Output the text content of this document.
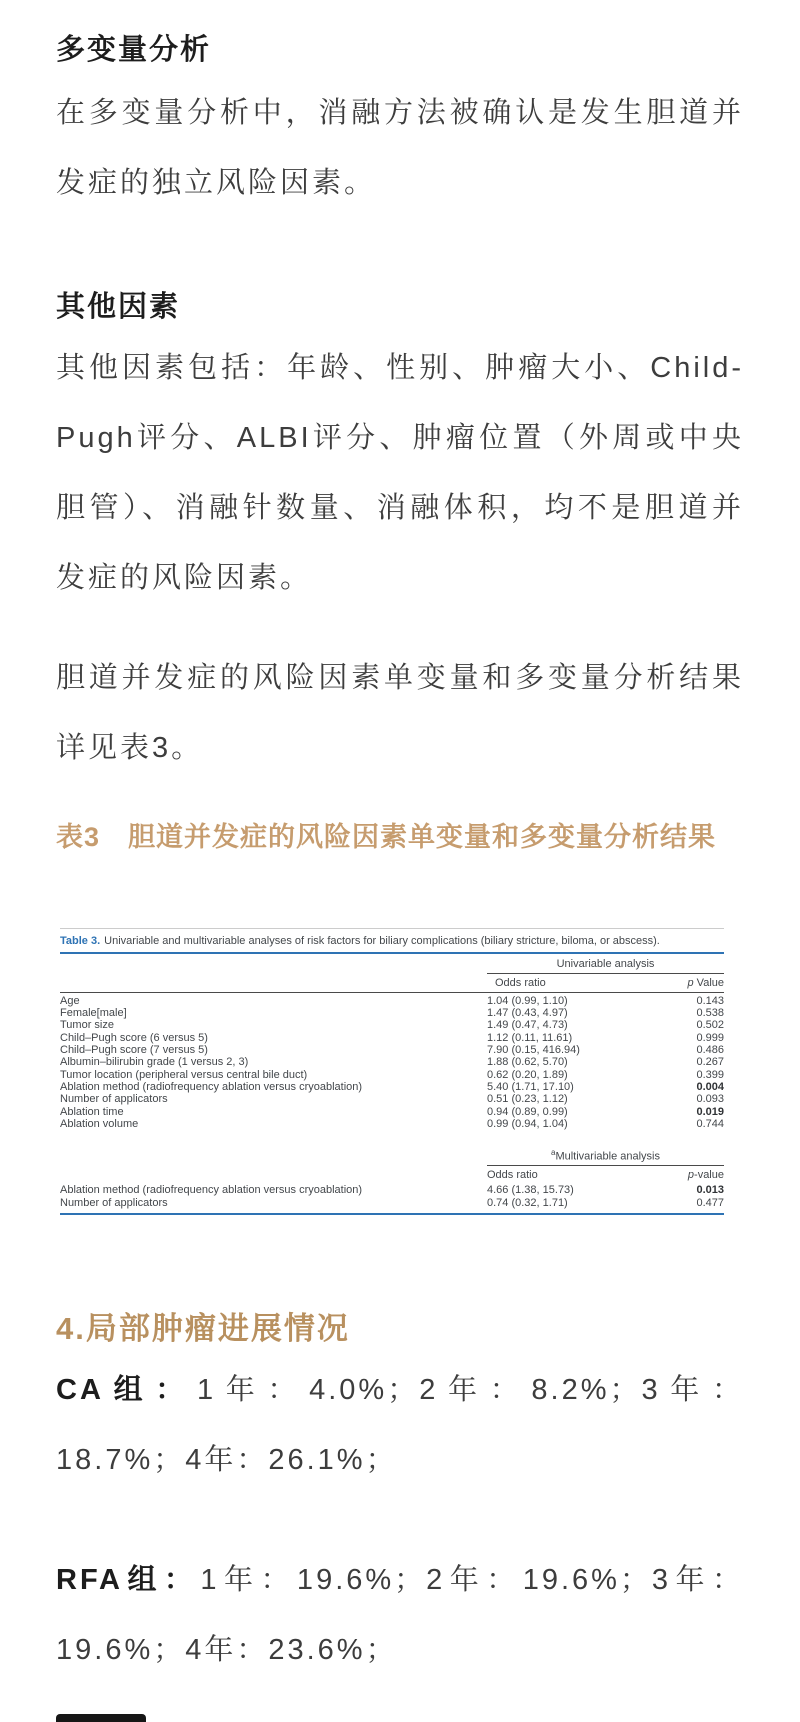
多变量分析

在多变量分析中，消融方法被确认是发生胆道并发症的独立风险因素。

其他因素

其他因素包括：年龄、性别、肿瘤大小、Child-Pugh评分、ALBI评分、肿瘤位置（外周或中央胆管）、消融针数量、消融体积，均不是胆道并发症的风险因素。

胆道并发症的风险因素单变量和多变量分析结果详见表3。

表3　胆道并发症的风险因素单变量和多变量分析结果
Table 3. Univariable and multivariable analyses of risk factors for biliary complications (biliary stricture, biloma, or abscess).
Univariable analysis
Odds ratio	p Value
Age	1.04 (0.99, 1.10)	0.143
Female[male]	1.47 (0.43, 4.97)	0.538
Tumor size	1.49 (0.47, 4.73)	0.502
Child–Pugh score (6 versus 5)	1.12 (0.11, 11.61)	0.999
Child–Pugh score (7 versus 5)	7.90 (0.15, 416.94)	0.486
Albumin–bilirubin grade (1 versus 2, 3)	1.88 (0.62, 5.70)	0.267
Tumor location (peripheral versus central bile duct)	0.62 (0.20, 1.89)	0.399
Ablation method (radiofrequency ablation versus cryoablation)	5.40 (1.71, 17.10)	0.004
Number of applicators	0.51 (0.23, 1.12)	0.093
Ablation time	0.94 (0.89, 0.99)	0.019
Ablation volume	0.99 (0.94, 1.04)	0.744
$^a$Multivariable analysis
Odds ratio	p-value
Ablation method (radiofrequency ablation versus cryoablation)	4.66 (1.38, 15.73)	0.013
Number of applicators	0.74 (0.32, 1.71)	0.477
4.局部肿瘤进展情况

CA组：1年：4.0%；2年：8.2%；3年：18.7%；4年：26.1%；

RFA组：1年：19.6%；2年：19.6%；3年：19.6%；4年：23.6%；
